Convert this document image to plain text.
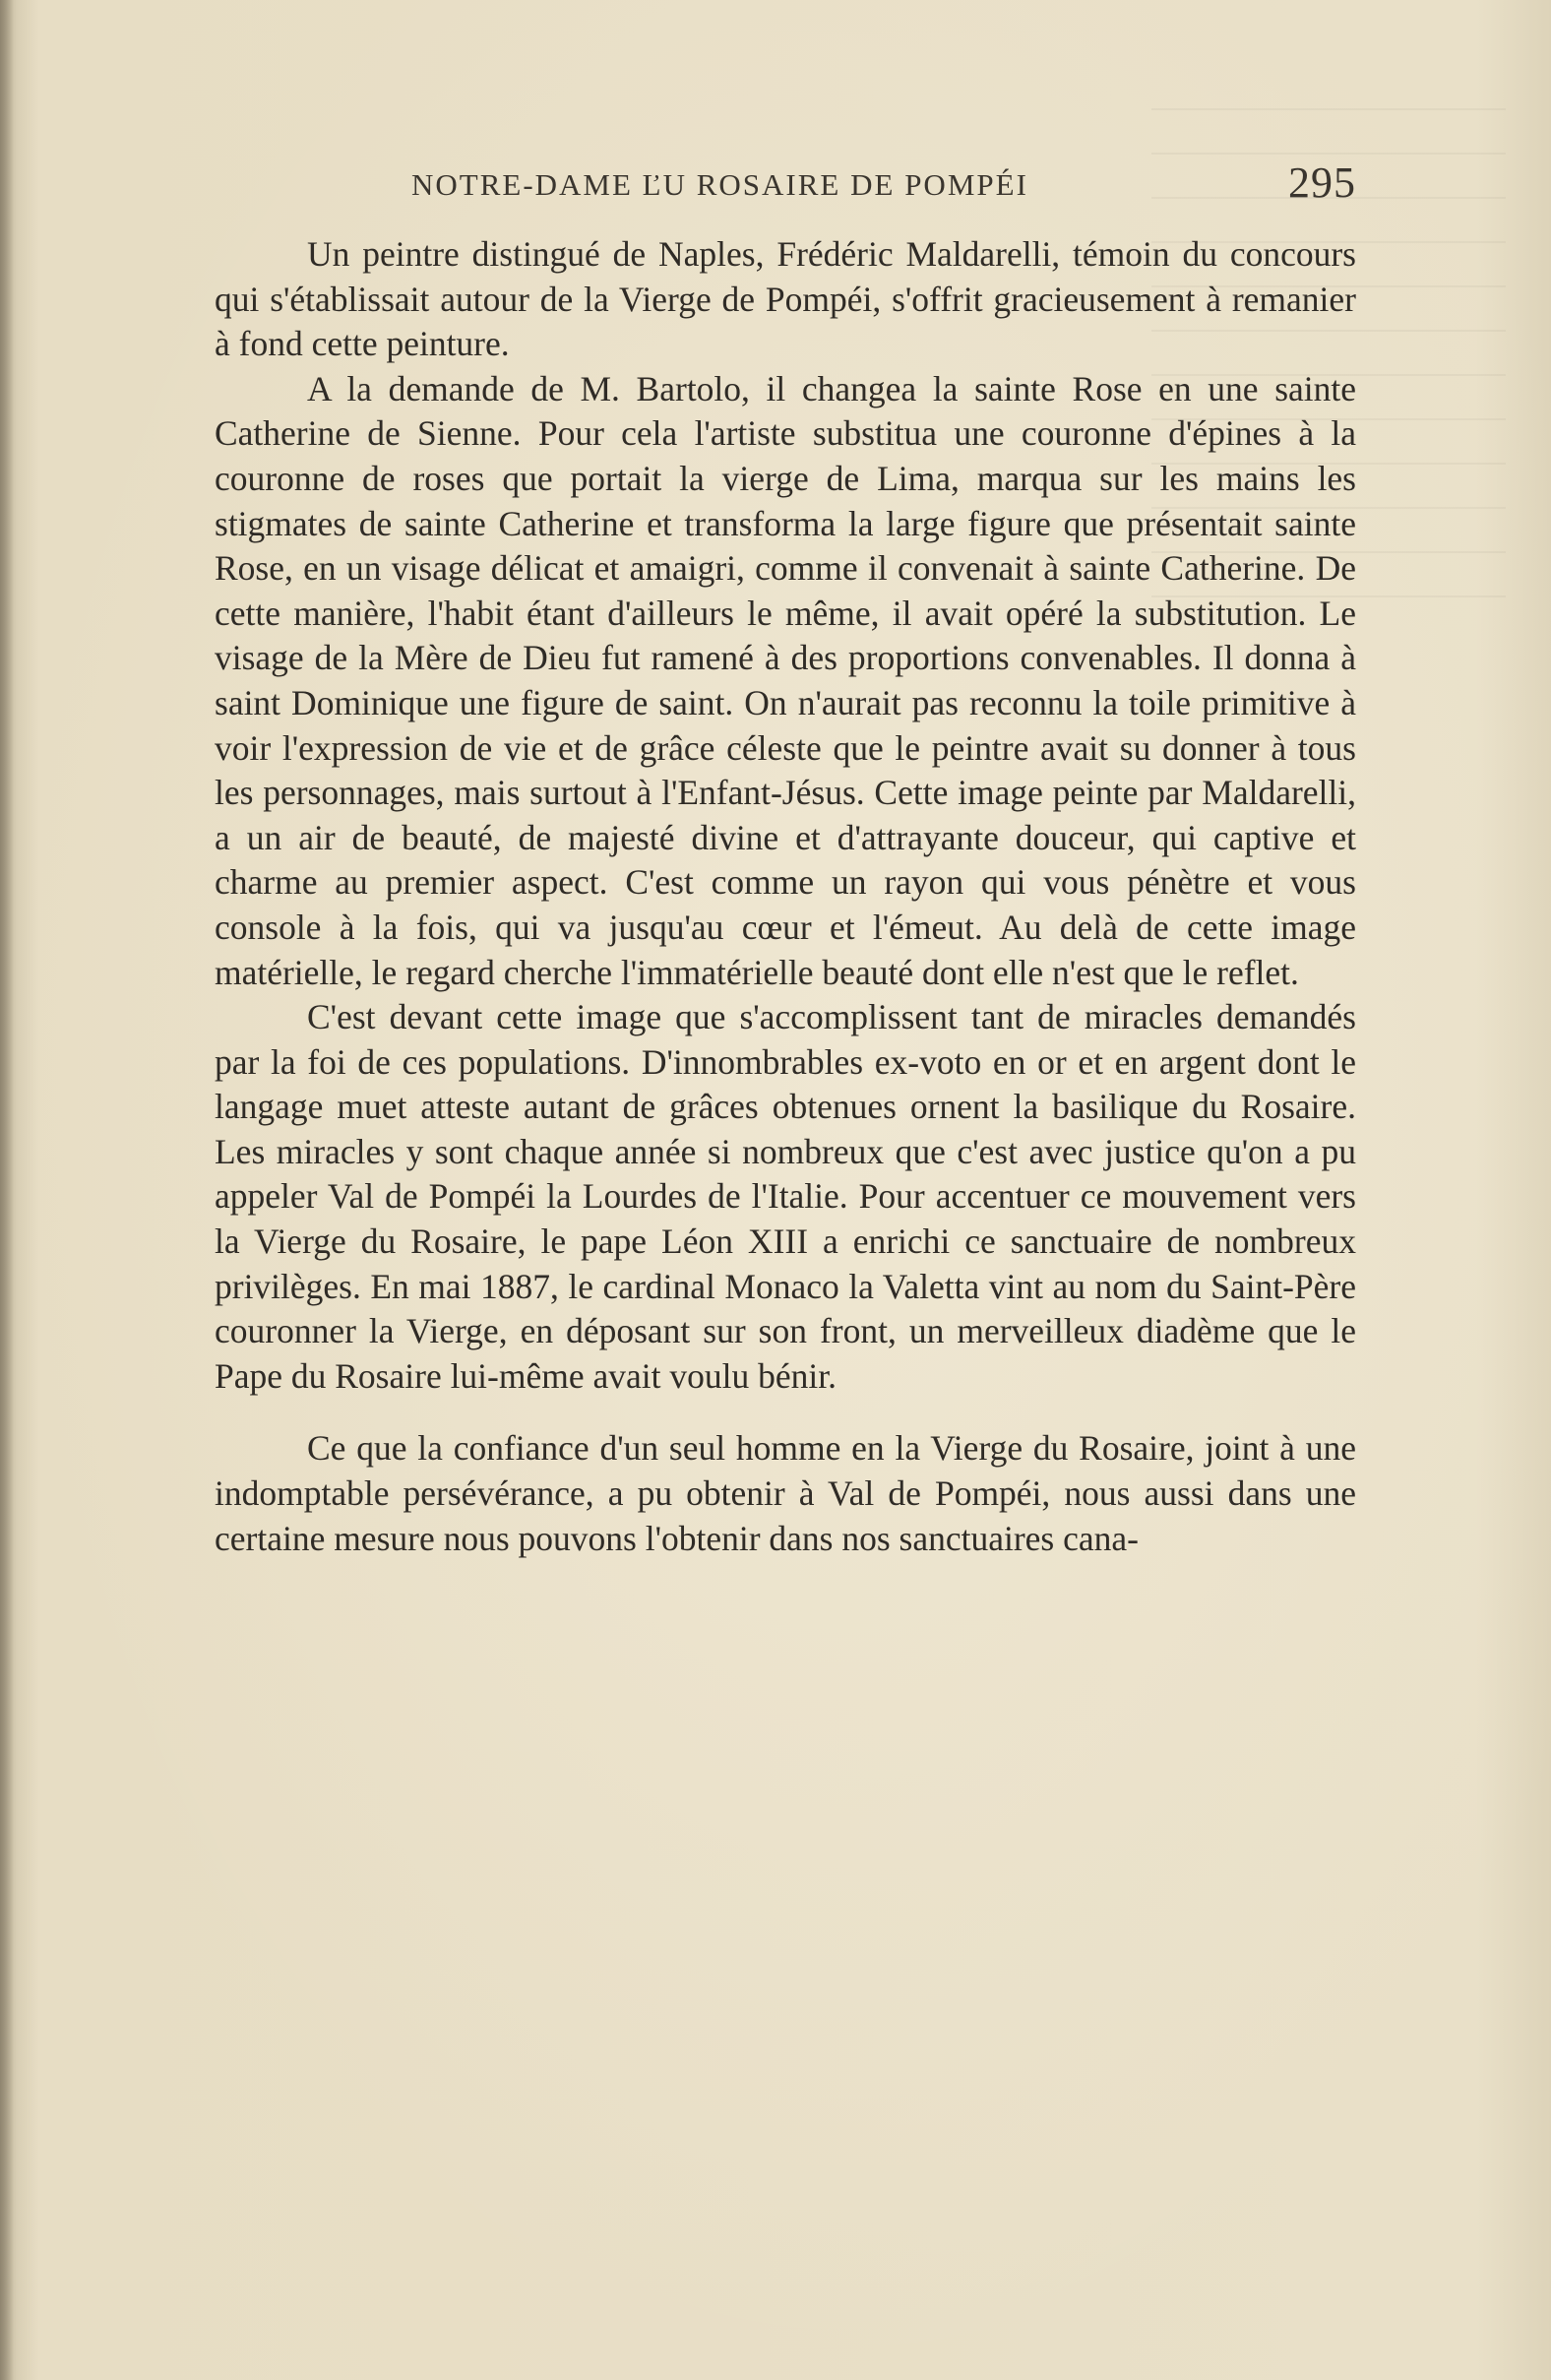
NOTRE-DAME ĽU ROSAIRE DE POMPÉI	295

Un peintre distingué de Naples, Frédéric Maldarelli, témoin du concours qui s'établissait autour de la Vierge de Pompéi, s'offrit gracieusement à remanier à fond cette peinture.

A la demande de M. Bartolo, il changea la sainte Rose en une sainte Catherine de Sienne. Pour cela l'artiste substitua une couronne d'épines à la couronne de roses que portait la vierge de Lima, marqua sur les mains les stigmates de sainte Catherine et transforma la large figure que présentait sainte Rose, en un visage délicat et amaigri, comme il convenait à sainte Catherine. De cette manière, l'habit étant d'ailleurs le même, il avait opéré la substitution. Le visage de la Mère de Dieu fut ramené à des proportions convenables. Il donna à saint Dominique une figure de saint. On n'aurait pas reconnu la toile primitive à voir l'expression de vie et de grâce céleste que le peintre avait su donner à tous les personnages, mais surtout à l'Enfant-Jésus. Cette image peinte par Maldarelli, a un air de beauté, de majesté divine et d'attrayante douceur, qui captive et charme au premier aspect. C'est comme un rayon qui vous pénètre et vous console à la fois, qui va jusqu'au cœur et l'émeut. Au delà de cette image matérielle, le regard cherche l'immatérielle beauté dont elle n'est que le reflet.

C'est devant cette image que s'accomplissent tant de miracles demandés par la foi de ces populations. D'innombrables ex-voto en or et en argent dont le langage muet atteste autant de grâces obtenues ornent la basilique du Rosaire. Les miracles y sont chaque année si nombreux que c'est avec justice qu'on a pu appeler Val de Pompéi la Lourdes de l'Italie. Pour accentuer ce mouvement vers la Vierge du Rosaire, le pape Léon XIII a enrichi ce sanctuaire de nombreux privilèges. En mai 1887, le cardinal Monaco la Valetta vint au nom du Saint-Père couronner la Vierge, en déposant sur son front, un merveilleux diadème que le Pape du Rosaire lui-même avait voulu bénir.

Ce que la confiance d'un seul homme en la Vierge du Rosaire, joint à une indomptable persévérance, a pu obtenir à Val de Pompéi, nous aussi dans une certaine mesure nous pouvons l'obtenir dans nos sanctuaires cana-
